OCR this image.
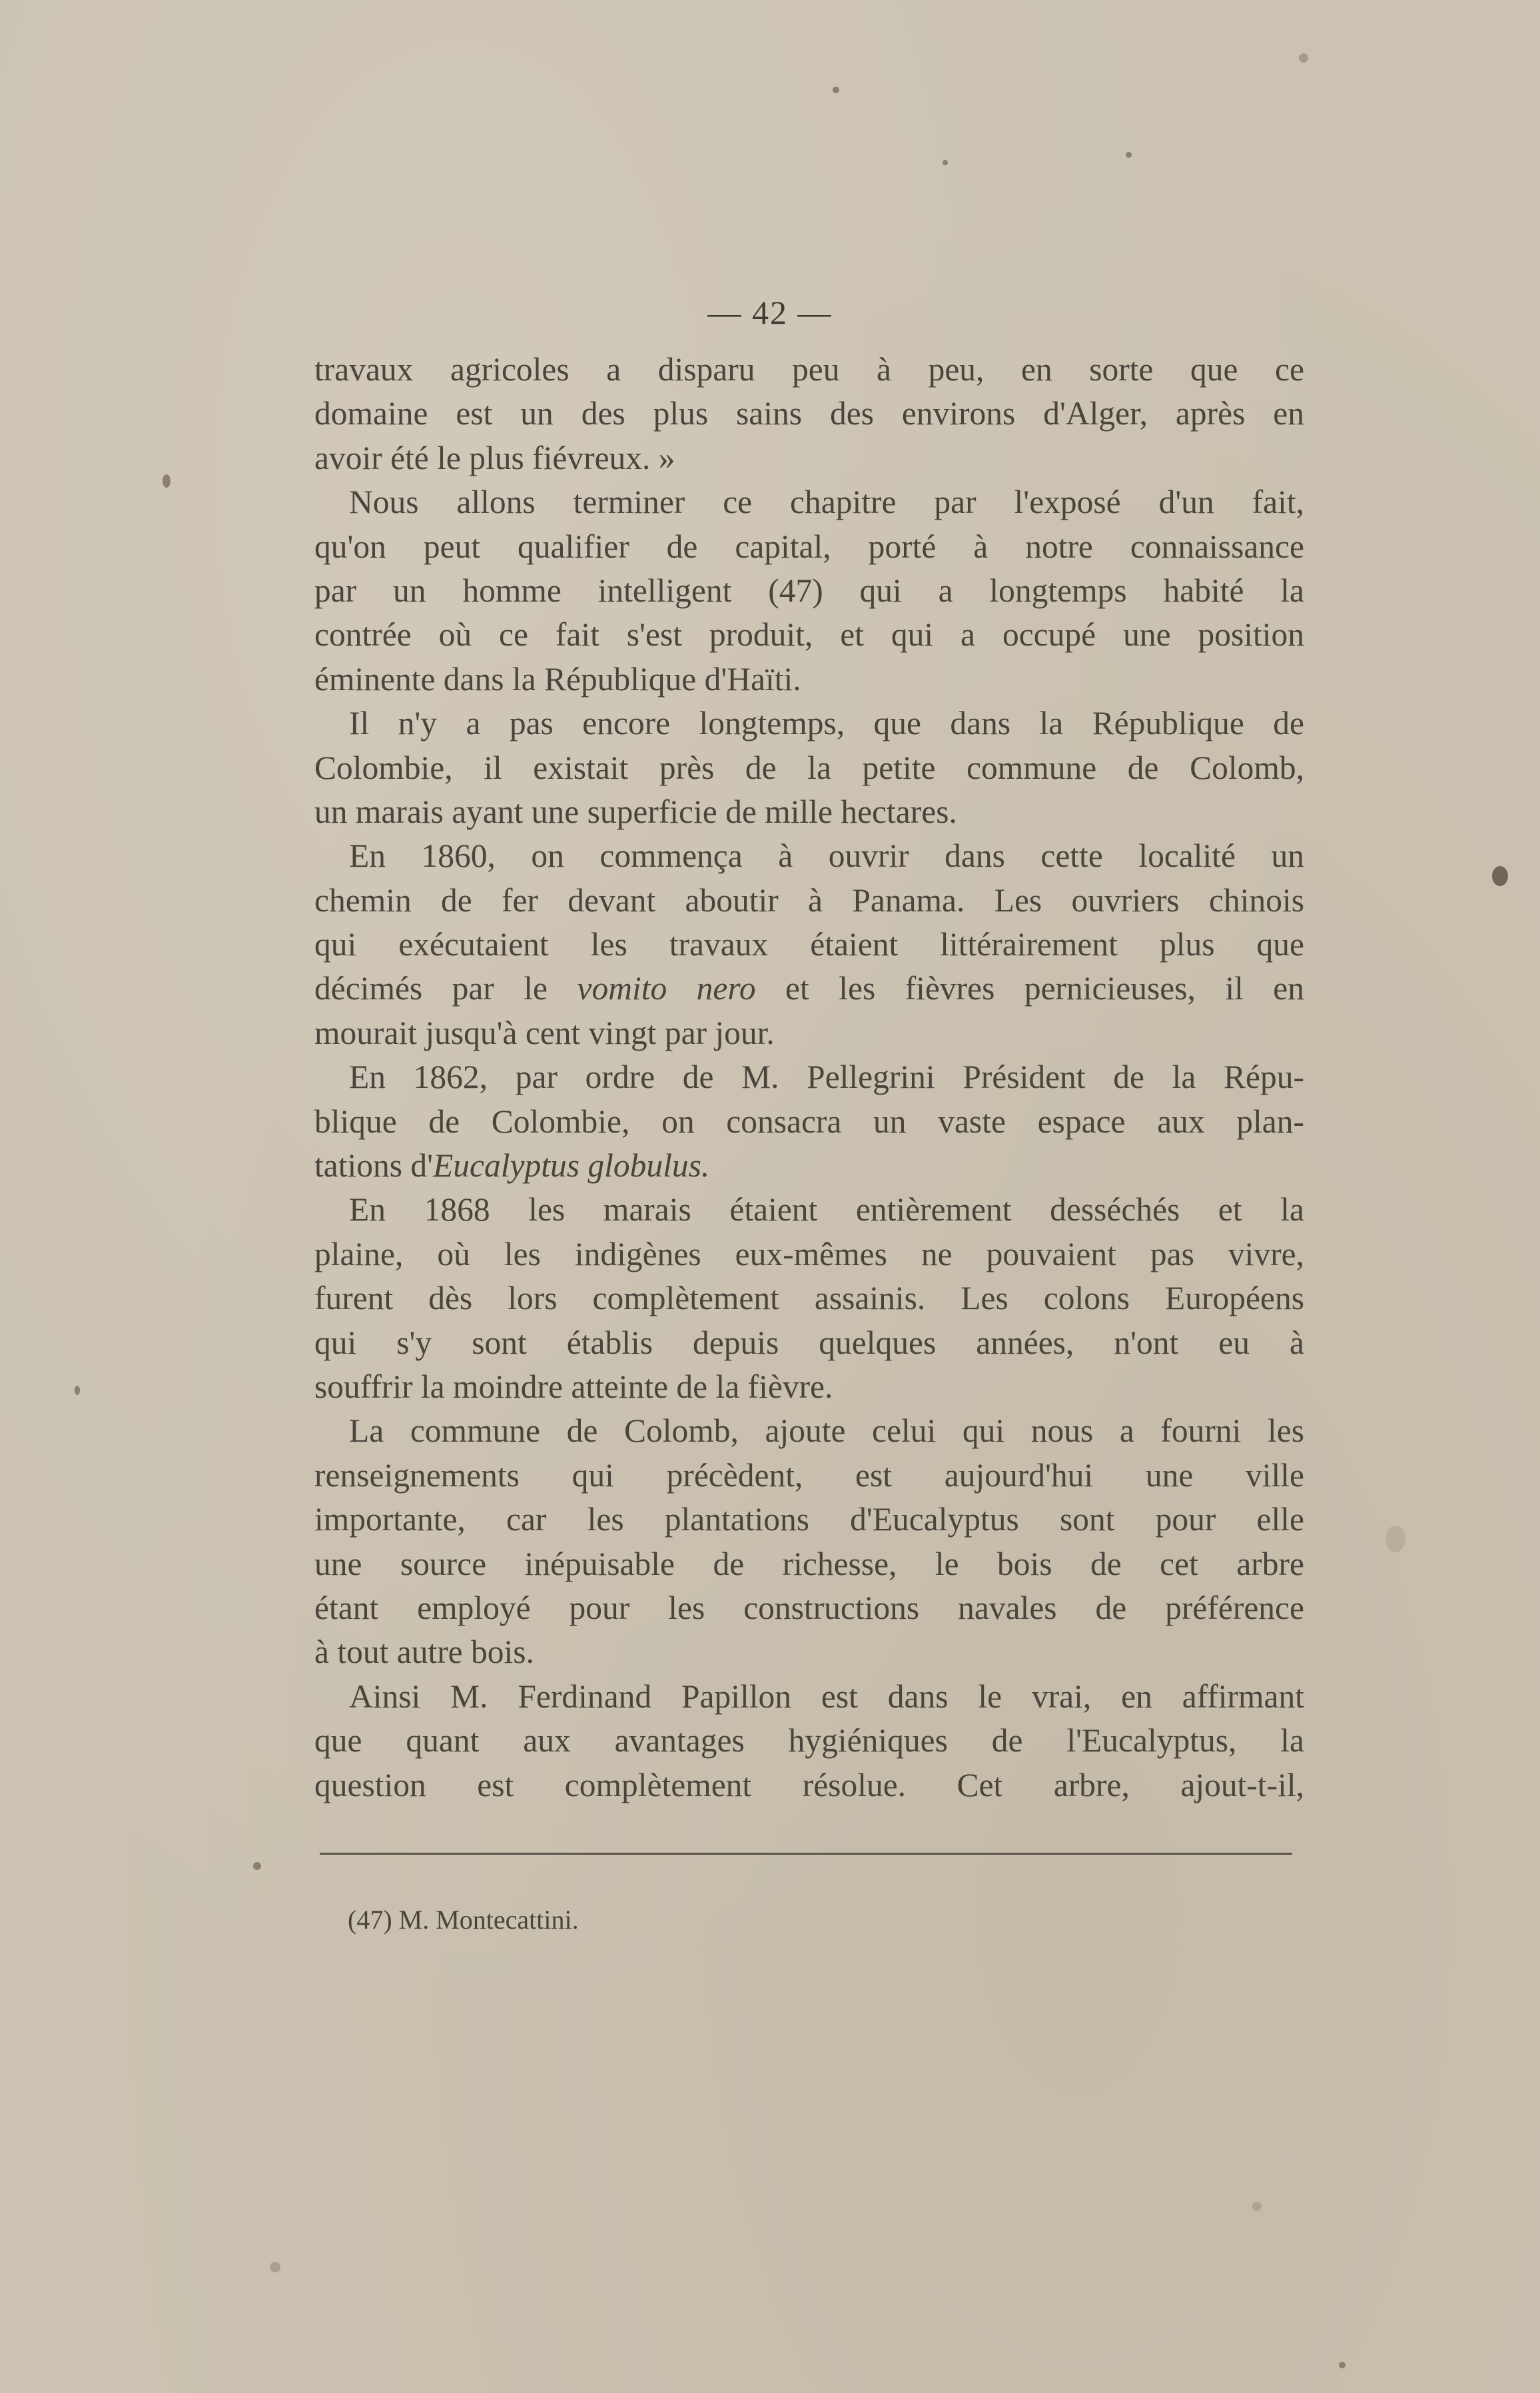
— 42 —
travaux agricoles a disparu peu à peu, en sorte que ce
domaine est un des plus sains des environs d'Alger, après en
avoir été le plus fiévreux. »
Nous allons terminer ce chapitre par l'exposé d'un fait,
qu'on peut qualifier de capital, porté à notre connaissance
par un homme intelligent (47) qui a longtemps habité la
contrée où ce fait s'est produit, et qui a occupé une position
éminente dans la République d'Haïti.
Il n'y a pas encore longtemps, que dans la République de
Colombie, il existait près de la petite commune de Colomb,
un marais ayant une superficie de mille hectares.
En 1860, on commença à ouvrir dans cette localité un
chemin de fer devant aboutir à Panama. Les ouvriers chinois
qui exécutaient les travaux étaient littérairement plus que
décimés par le vomito nero et les fièvres pernicieuses, il en
mourait jusqu'à cent vingt par jour.
En 1862, par ordre de M. Pellegrini Président de la Répu-
blique de Colombie, on consacra un vaste espace aux plan-
tations d'Eucalyptus globulus.
En 1868 les marais étaient entièrement desséchés et la
plaine, où les indigènes eux-mêmes ne pouvaient pas vivre,
furent dès lors complètement assainis. Les colons Européens
qui s'y sont établis depuis quelques années, n'ont eu à
souffrir la moindre atteinte de la fièvre.
La commune de Colomb, ajoute celui qui nous a fourni les
renseignements qui précèdent, est aujourd'hui une ville
importante, car les plantations d'Eucalyptus sont pour elle
une source inépuisable de richesse, le bois de cet arbre
étant employé pour les constructions navales de préférence
à tout autre bois.
Ainsi M. Ferdinand Papillon est dans le vrai, en affirmant
que quant aux avantages hygiéniques de l'Eucalyptus, la
question est complètement résolue. Cet arbre, ajout-t-il,
(47) M. Montecattini.
